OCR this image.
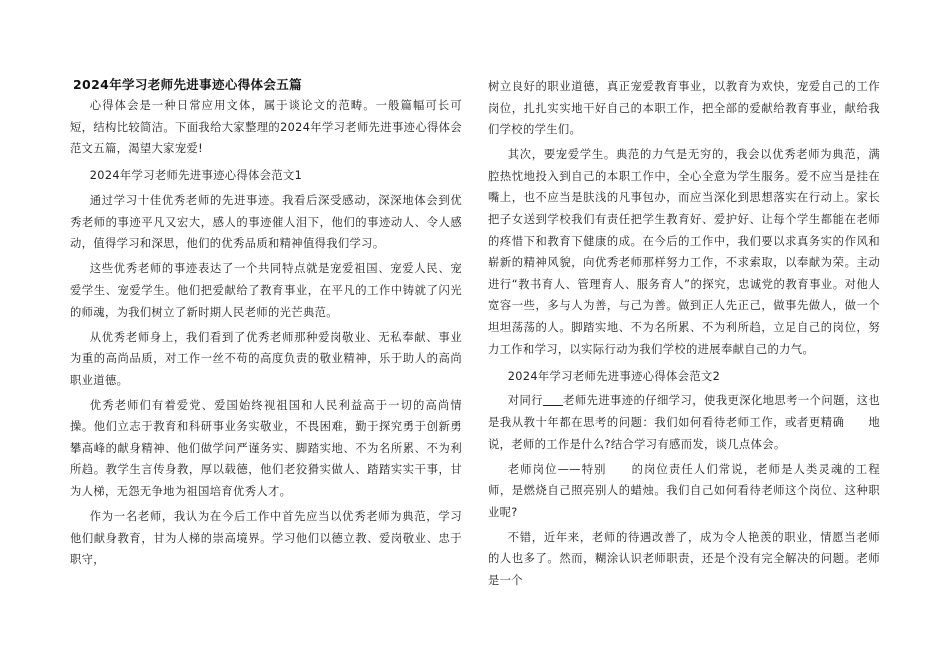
2024年学习老师先进事迹心得体会五篇

心得体会是一种日常应用文体，属于谈论文的范畴。一般篇幅可长可短，结构比较简洁。下面我给大家整理的2024年学习老师先进事迹心得体会范文五篇，渴望大家宠爱!

2024年学习老师先进事迹心得体会范文1

通过学习十佳优秀老师的先进事迹。我看后深受感动，深深地体会到优秀老师的事迹平凡又宏大，感人的事迹催人泪下，他们的事迹动人、令人感动，值得学习和深思，他们的优秀品质和精神值得我们学习。

这些优秀老师的事迹表达了一个共同特点就是宠爱祖国、宠爱人民、宠爱学生、宠爱学生。他们把爱献给了教育事业，在平凡的工作中铸就了闪光的师魂，为我们树立了新时期人民老师的光芒典范。

从优秀老师身上，我们看到了优秀老师那种爱岗敬业、无私奉献、事业为重的高尚品质，对工作一丝不苟的高度负责的敬业精神，乐于助人的高尚职业道德。

优秀老师们有着爱党、爱国始终视祖国和人民利益高于一切的高尚情操。他们立志于教育和科研事业务实敬业，不畏困难，勤于探究勇于创新勇攀高峰的献身精神、他们做学问严谨务实、脚踏实地、不为名所累、不为利所趋。教学生言传身教，厚以载德，他们老狡猾实做人、踏踏实实干事，甘为人梯，无怨无争地为祖国培育优秀人才。

作为一名老师，我认为在今后工作中首先应当以优秀老师为典范，学习他们献身教育，甘为人梯的崇高境界。学习他们以德立教、爱岗敬业、忠于职守，

树立良好的职业道德，真正宠爱教育事业，以教育为欢快，宠爱自己的工作岗位，扎扎实实地干好自己的本职工作，把全部的爱献给教育事业，献给我们学校的学生们。

其次，要宠爱学生。典范的力气是无穷的，我会以优秀老师为典范，满腔热忱地投入到自己的本职工作中，全心全意为学生服务。爱不应当是挂在嘴上，也不应当是肤浅的凡事包办，而应当深化到思想落实在行动上。家长把子女送到学校我们有责任把学生教育好、爱护好、让每个学生都能在老师的疼惜下和教育下健康的成。在今后的工作中，我们要以求真务实的作风和崭新的精神风貌，向优秀老师那样努力工作，不求索取，以奉献为荣。主动进行“教书育人、管理育人、服务育人”的探究，忠诚党的教育事业。对他人宽容一些，多与人为善，与己为善。做到正人先正己，做事先做人，做一个坦坦荡荡的人。脚踏实地、不为名所累、不为利所趋，立足自己的岗位，努力工作和学习，以实际行动为我们学校的进展奉献自己的力气。

2024年学习老师先进事迹心得体会范文2

对同行 老师先进事迹的仔细学习，使我更深化地思考一个问题，这也是我从教十年都在思考的问题：我们如何看待老师工作，或者更精确　　地说，老师的工作是什么?结合学习有感而发，谈几点体会。

老师岗位——特别　　的岗位责任人们常说，老师是人类灵魂的工程师，是燃烧自己照亮别人的蜡烛。我们自己如何看待老师这个岗位、这种职业呢?

不错，近年来，老师的待遇改善了，成为令人艳羡的职业，情愿当老师的人也多了。然而，糊涂认识老师职责，还是个没有完全解决的问题。老师是一个
